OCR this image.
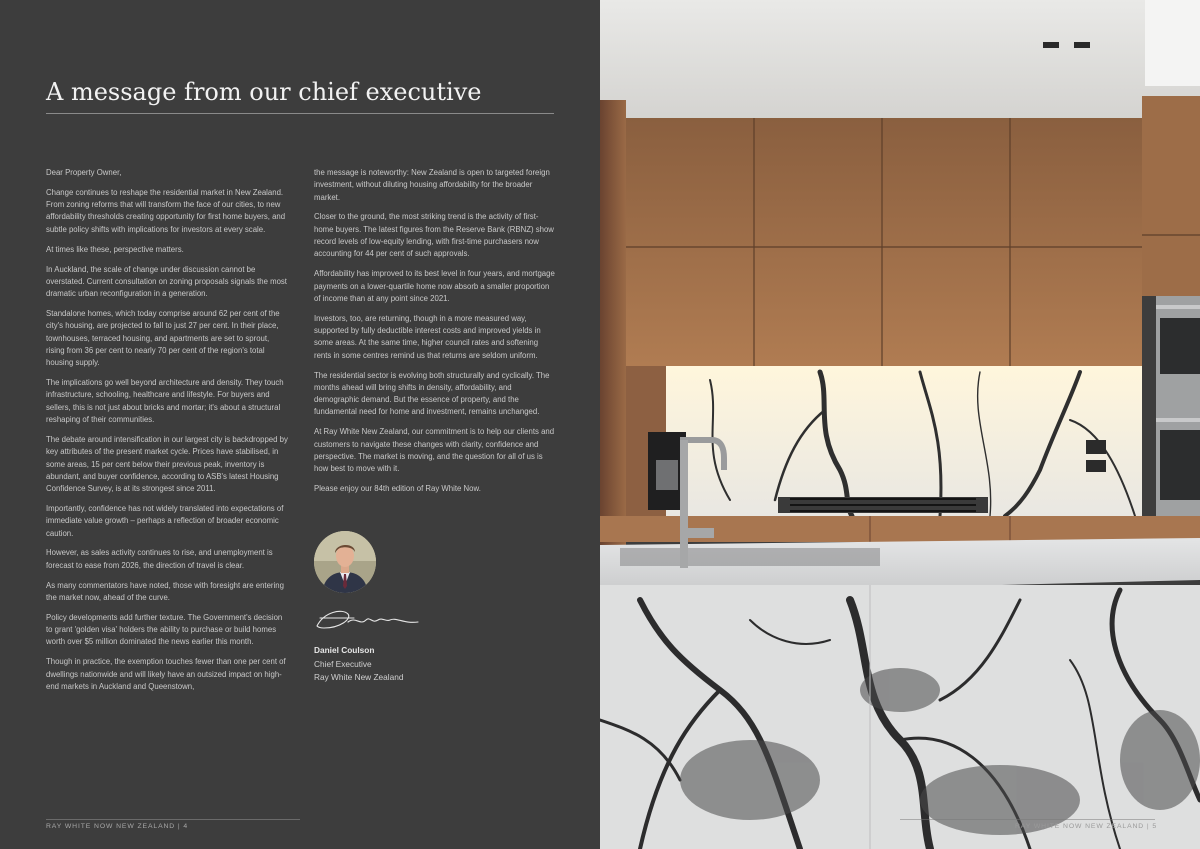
A message from our chief executive

Dear Property Owner,

Change continues to reshape the residential market in New Zealand. From zoning reforms that will transform the face of our cities, to new affordability thresholds creating opportunity for first home buyers, and subtle policy shifts with implications for investors at every scale.

At times like these, perspective matters.

In Auckland, the scale of change under discussion cannot be overstated. Current consultation on zoning proposals signals the most dramatic urban reconfiguration in a generation.

Standalone homes, which today comprise around 62 per cent of the city's housing, are projected to fall to just 27 per cent. In their place, townhouses, terraced housing, and apartments are set to sprout, rising from 36 per cent to nearly 70 per cent of the region's total housing supply.

The implications go well beyond architecture and density. They touch infrastructure, schooling, healthcare and lifestyle. For buyers and sellers, this is not just about bricks and mortar; it's about a structural reshaping of their communities.

The debate around intensification in our largest city is backdropped by key attributes of the present market cycle. Prices have stabilised, in some areas, 15 per cent below their previous peak, inventory is abundant, and buyer confidence, according to ASB's latest Housing Confidence Survey, is at its strongest since 2011.

Importantly, confidence has not widely translated into expectations of immediate value growth – perhaps a reflection of broader economic caution.

However, as sales activity continues to rise, and unemployment is forecast to ease from 2026, the direction of travel is clear.

As many commentators have noted, those with foresight are entering the market now, ahead of the curve.

Policy developments add further texture. The Government's decision to grant 'golden visa' holders the ability to purchase or build homes worth over $5 million dominated the news earlier this month.

Though in practice, the exemption touches fewer than one per cent of dwellings nationwide and will likely have an outsized impact on high-end markets in Auckland and Queenstown,

the message is noteworthy: New Zealand is open to targeted foreign investment, without diluting housing affordability for the broader market.

Closer to the ground, the most striking trend is the activity of first-home buyers. The latest figures from the Reserve Bank (RBNZ) show record levels of low-equity lending, with first-time purchasers now accounting for 44 per cent of such approvals.

Affordability has improved to its best level in four years, and mortgage payments on a lower-quartile home now absorb a smaller proportion of income than at any point since 2021.

Investors, too, are returning, though in a more measured way, supported by fully deductible interest costs and improved yields in some areas. At the same time, higher council rates and softening rents in some centres remind us that returns are seldom uniform.

The residential sector is evolving both structurally and cyclically. The months ahead will bring shifts in density, affordability, and demographic demand. But the essence of property, and the fundamental need for home and investment, remains unchanged.

At Ray White New Zealand, our commitment is to help our clients and customers to navigate these changes with clarity, confidence and perspective. The market is moving, and the question for all of us is how best to move with it.

Please enjoy our 84th edition of Ray White Now.

Daniel Coulson
Chief Executive
Ray White New Zealand
RAY WHITE NOW NEW ZEALAND | 4	RAY WHITE NOW NEW ZEALAND | 5
